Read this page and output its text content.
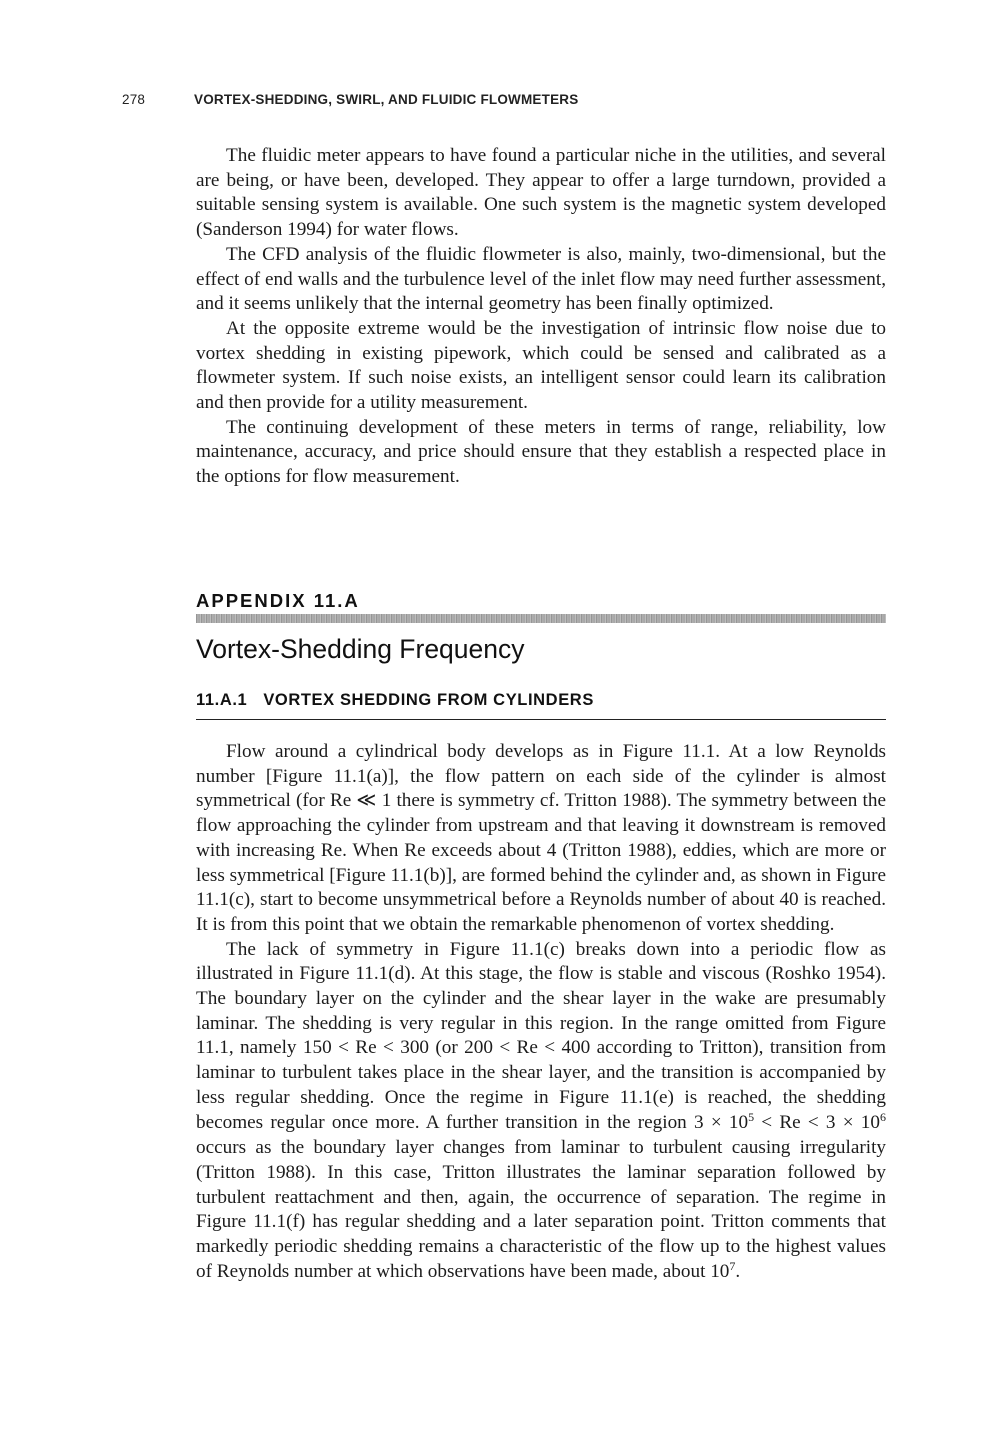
278	VORTEX-SHEDDING, SWIRL, AND FLUIDIC FLOWMETERS

The fluidic meter appears to have found a particular niche in the utilities, and several are being, or have been, developed. They appear to offer a large turndown, provided a suitable sensing system is available. One such system is the magnetic system developed (Sanderson 1994) for water flows.

The CFD analysis of the fluidic flowmeter is also, mainly, two-dimensional, but the effect of end walls and the turbulence level of the inlet flow may need further assessment, and it seems unlikely that the internal geometry has been finally optimized.

At the opposite extreme would be the investigation of intrinsic flow noise due to vortex shedding in existing pipework, which could be sensed and calibrated as a flowmeter system. If such noise exists, an intelligent sensor could learn its calibration and then provide for a utility measurement.

The continuing development of these meters in terms of range, reliability, low maintenance, accuracy, and price should ensure that they establish a respected place in the options for flow measurement.

APPENDIX 11.A
Vortex-Shedding Frequency
11.A.1 VORTEX SHEDDING FROM CYLINDERS

Flow around a cylindrical body develops as in Figure 11.1. At a low Reynolds number [Figure 11.1(a)], the flow pattern on each side of the cylinder is almost symmetrical (for Re ≪ 1 there is symmetry cf. Tritton 1988). The symmetry between the flow approaching the cylinder from upstream and that leaving it downstream is removed with increasing Re. When Re exceeds about 4 (Tritton 1988), eddies, which are more or less symmetrical [Figure 11.1(b)], are formed behind the cylinder and, as shown in Figure 11.1(c), start to become unsymmetrical before a Reynolds number of about 40 is reached. It is from this point that we obtain the remarkable phenomenon of vortex shedding.

The lack of symmetry in Figure 11.1(c) breaks down into a periodic flow as illustrated in Figure 11.1(d). At this stage, the flow is stable and viscous (Roshko 1954). The boundary layer on the cylinder and the shear layer in the wake are presumably laminar. The shedding is very regular in this region. In the range omitted from Figure 11.1, namely 150 < Re < 300 (or 200 < Re < 400 according to Tritton), transition from laminar to turbulent takes place in the shear layer, and the transition is accompanied by less regular shedding. Once the regime in Figure 11.1(e) is reached, the shedding becomes regular once more. A further transition in the region $3 \times 10^5 < Re < 3 \times 10^6$ occurs as the boundary layer changes from laminar to turbulent causing irregularity (Tritton 1988). In this case, Tritton illustrates the laminar separation followed by turbulent reattachment and then, again, the occurrence of separation. The regime in Figure 11.1(f) has regular shedding and a later separation point. Tritton comments that markedly periodic shedding remains a characteristic of the flow up to the highest values of Reynolds number at which observations have been made, about $10^7$.
